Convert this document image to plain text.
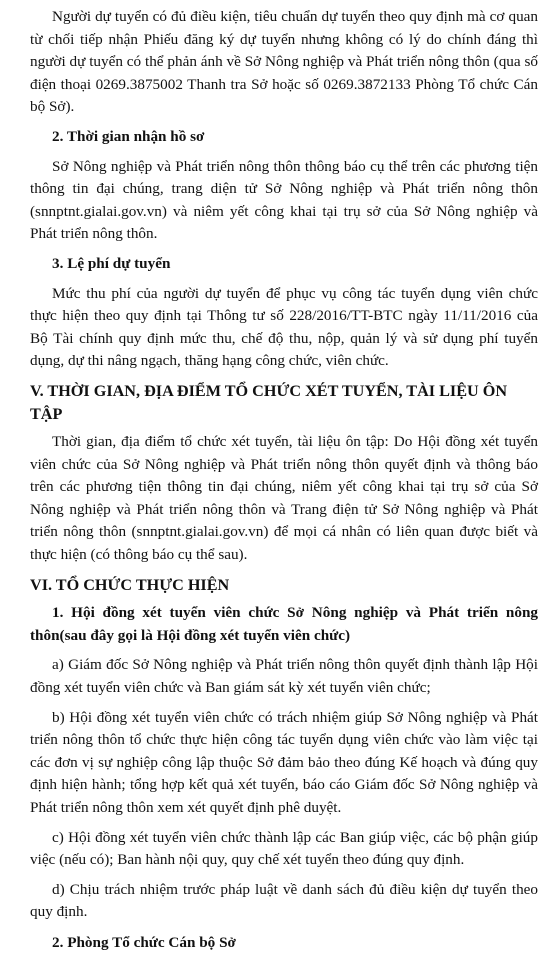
Người dự tuyển có đủ điều kiện, tiêu chuẩn dự tuyển theo quy định mà cơ quan từ chối tiếp nhận Phiếu đăng ký dự tuyển nhưng không có lý do chính đáng thì người dự tuyển có thể phản ánh về Sở Nông nghiệp và Phát triển nông thôn (qua số điện thoại 0269.3875002 Thanh tra Sở hoặc số 0269.3872133 Phòng Tổ chức Cán bộ Sở).

2. Thời gian nhận hồ sơ

Sở Nông nghiệp và Phát triển nông thôn thông báo cụ thể trên các phương tiện thông tin đại chúng, trang diện tử Sở Nông nghiệp và Phát triển nông thôn (snnptnt.gialai.gov.vn) và niêm yết công khai tại trụ sở của Sở Nông nghiệp và Phát triển nông thôn.

3. Lệ phí dự tuyển

Mức thu phí của người dự tuyển để phục vụ công tác tuyển dụng viên chức thực hiện theo quy định tại Thông tư số 228/2016/TT-BTC ngày 11/11/2016 của Bộ Tài chính quy định mức thu, chế độ thu, nộp, quản lý và sử dụng phí tuyển dụng, dự thi nâng ngạch, thăng hạng công chức, viên chức.

V. THỜI GIAN, ĐỊA ĐIỂM TỔ CHỨC XÉT TUYỂN, TÀI LIỆU ÔN TẬP

Thời gian, địa điểm tổ chức xét tuyển, tài liệu ôn tập: Do Hội đồng xét tuyển viên chức của Sở Nông nghiệp và Phát triển nông thôn quyết định và thông báo trên các phương tiện thông tin đại chúng, niêm yết công khai tại trụ sở của Sở Nông nghiệp và Phát triển nông thôn và Trang điện tử Sở Nông nghiệp và Phát triển nông thôn (snnptnt.gialai.gov.vn) để mọi cá nhân có liên quan được biết và thực hiện (có thông báo cụ thể sau).

VI. TỔ CHỨC THỰC HIỆN

1. Hội đồng xét tuyển viên chức Sở Nông nghiệp và Phát triển nông thôn(sau đây gọi là Hội đồng xét tuyển viên chức)

a) Giám đốc Sở Nông nghiệp và Phát triển nông thôn quyết định thành lập Hội đồng xét tuyển viên chức và Ban giám sát kỳ xét tuyển viên chức;

b) Hội đồng xét tuyển viên chức có trách nhiệm giúp Sở Nông nghiệp và Phát triển nông thôn tổ chức thực hiện công tác tuyển dụng viên chức vào làm việc tại các đơn vị sự nghiệp công lập thuộc Sở đảm bảo theo đúng Kế hoạch và đúng quy định hiện hành; tổng hợp kết quả xét tuyển, báo cáo Giám đốc Sở Nông nghiệp và Phát triển nông thôn xem xét quyết định phê duyệt.

c) Hội đồng xét tuyển viên chức thành lập các Ban giúp việc, các bộ phận giúp việc (nếu có); Ban hành nội quy, quy chế xét tuyển theo đúng quy định.

d) Chịu trách nhiệm trước pháp luật về danh sách đủ điều kiện dự tuyển theo quy định.

2. Phòng Tổ chức Cán bộ Sở
